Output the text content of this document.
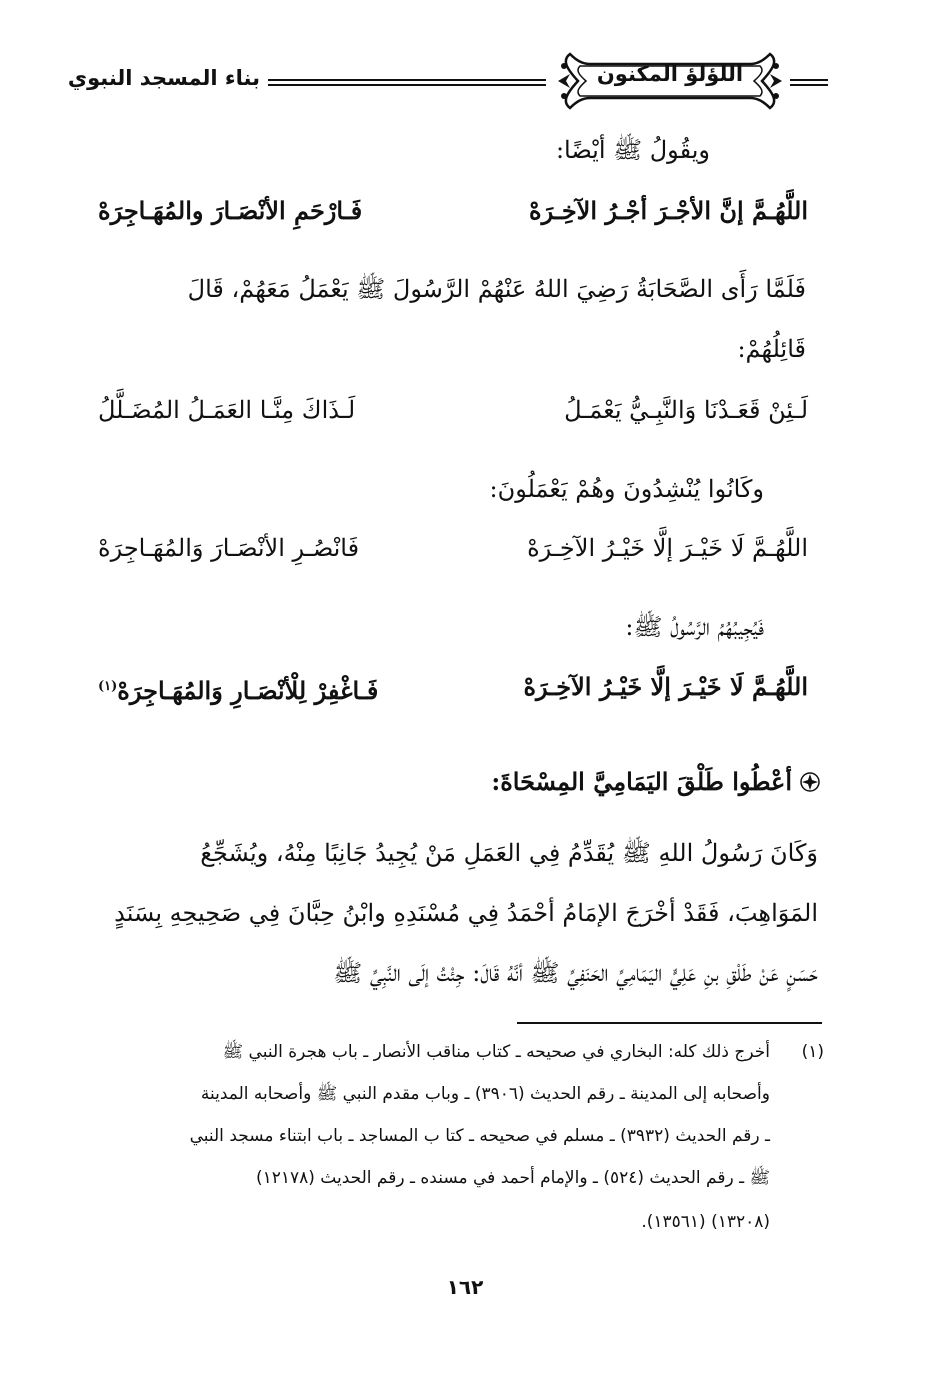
اللؤلؤ المكنون
بناء المسجد النبوي
ويقُولُ ﷺ أيْضًا:
اللَّهُـمَّ إنَّ الأجْـرَ أجْـرُ الآخِـرَهْ
فَـارْحَمِ الأنْصَـارَ والمُهَـاجِرَهْ
فَلَمَّا رَأَى الصَّحَابَةُ رَضِيَ اللهُ عَنْهُمْ الرَّسُولَ ﷺ يَعْمَلُ مَعَهُمْ، قَالَ
قَائِلُهُمْ:
لَـئِنْ قَعَـدْنَا وَالنَّبِـيُّ يَعْمَـلُ
لَـذَاكَ مِنَّـا العَمَـلُ المُضَـلَّلُ
وكَانُوا يُنْشِدُونَ وهُمْ يَعْمَلُونَ:
اللَّهُـمَّ لَا خَيْـرَ إلَّا خَيْـرُ الآخِـرَهْ
فَانْصُـرِ الأنْصَـارَ وَالمُهَـاجِرَهْ
فَيُجِيبُهُمُ الرَّسُولُ ﷺ:
اللَّهُـمَّ لَا خَيْـرَ إلَّا خَيْـرُ الآخِـرَهْ
فَـاغْفِرْ لِلْأنْصَـارِ وَالمُهَـاجِرَهْ$^{(١)}$
أعْطُوا طَلْقَ اليَمَامِيَّ المِسْحَاةَ:
وَكَانَ رَسُولُ اللهِ ﷺ يُقَدِّمُ فِي العَمَلِ مَنْ يُجِيدُ جَانِبًا مِنْهُ، ويُشَجِّعُ
المَوَاهِبَ، فَقَدْ أخْرَجَ الإمَامُ أحْمَدُ فِي مُسْنَدِهِ وابْنُ حِبَّانَ فِي صَحِيحِهِ بِسَنَدٍ
حَسَنٍ عَنْ طَلْقِ بنِ عَلِيٍّ اليَمَامِيِّ الحَنَفِيِّ ﷺ أنَّهُ قَالَ: جِئْتُ إلَى النَّبِيِّ ﷺ
(١)
أخرج ذلك كله: البخاري في صحيحه ـ كتاب مناقب الأنصار ـ باب هجرة النبي ﷺ
وأصحابه إلى المدينة ـ رقم الحديث (٣٩٠٦) ـ وباب مقدم النبي ﷺ وأصحابه المدينة
ـ رقم الحديث (٣٩٣٢) ـ مسلم في صحيحه ـ كتا ب المساجد ـ باب ابتناء مسجد النبي
ﷺ ـ رقم الحديث (٥٢٤) ـ والإمام أحمد في مسنده ـ رقم الحديث (١٢١٧٨)
(١٣٢٠٨) (١٣٥٦١).
١٦٢
